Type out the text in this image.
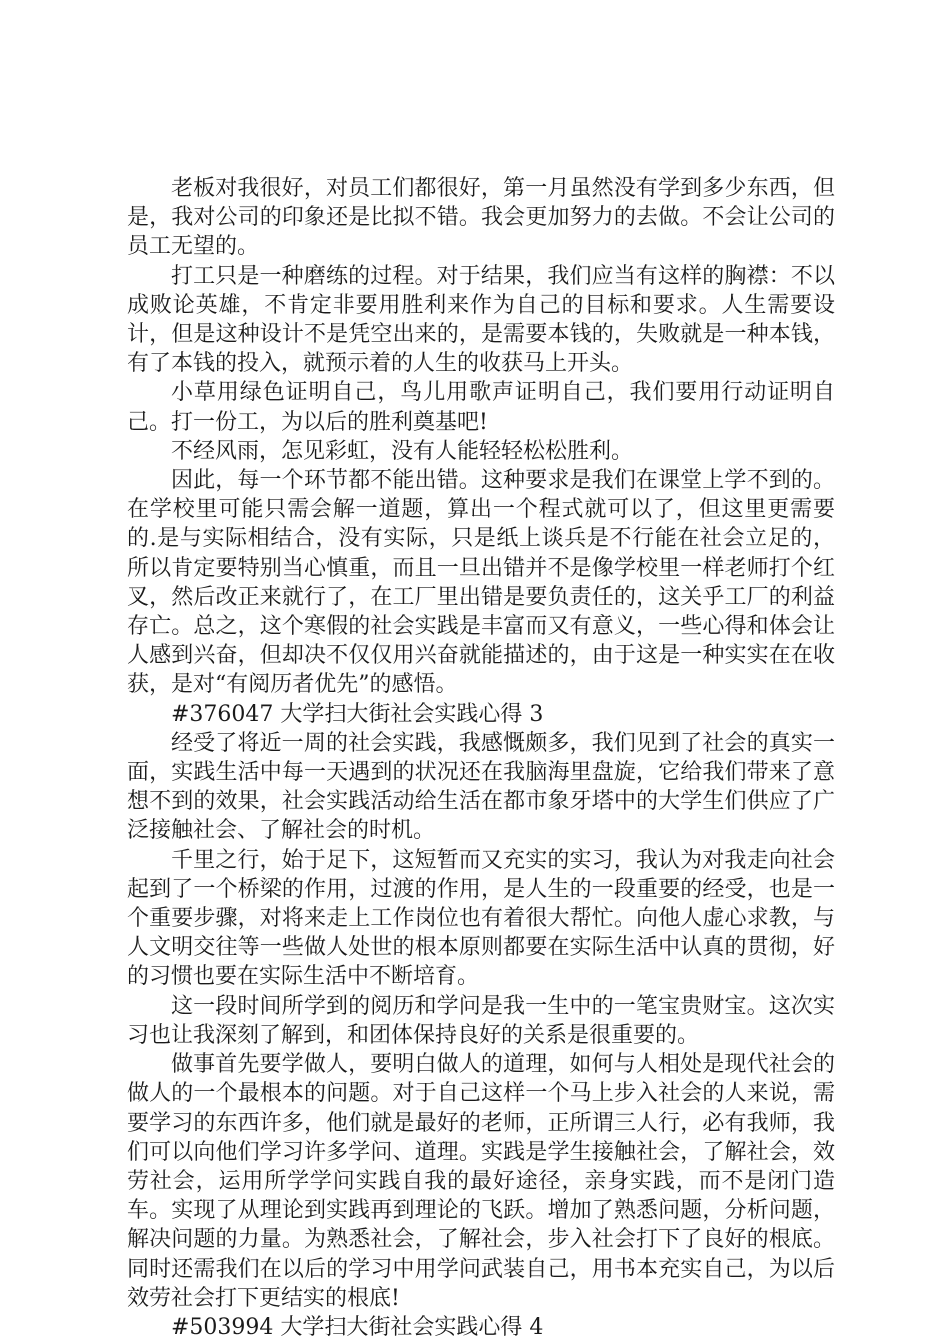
老板对我很好，对员工们都很好，第一月虽然没有学到多少东西，但是，我对公司的印象还是比拟不错。我会更加努力的去做。不会让公司的员工无望的。

打工只是一种磨练的过程。对于结果，我们应当有这样的胸襟：不以成败论英雄，不肯定非要用胜利来作为自己的目标和要求。人生需要设计，但是这种设计不是凭空出来的，是需要本钱的，失败就是一种本钱，有了本钱的投入，就预示着的人生的收获马上开头。

小草用绿色证明自己，鸟儿用歌声证明自己，我们要用行动证明自己。打一份工，为以后的胜利奠基吧!

不经风雨，怎见彩虹，没有人能轻轻松松胜利。

因此，每一个环节都不能出错。这种要求是我们在课堂上学不到的。在学校里可能只需会解一道题，算出一个程式就可以了，但这里更需要的.是与实际相结合，没有实际，只是纸上谈兵是不行能在社会立足的，所以肯定要特别当心慎重，而且一旦出错并不是像学校里一样老师打个红叉，然后改正来就行了，在工厂里出错是要负责任的，这关乎工厂的利益存亡。总之，这个寒假的社会实践是丰富而又有意义，一些心得和体会让人感到兴奋，但却决不仅仅用兴奋就能描述的，由于这是一种实实在在收获，是对“有阅历者优先”的感悟。

#376047 大学扫大街社会实践心得 3

经受了将近一周的社会实践，我感慨颇多，我们见到了社会的真实一面，实践生活中每一天遇到的状况还在我脑海里盘旋，它给我们带来了意想不到的效果，社会实践活动给生活在都市象牙塔中的大学生们供应了广泛接触社会、了解社会的时机。

千里之行，始于足下，这短暂而又充实的实习，我认为对我走向社会起到了一个桥梁的作用，过渡的作用，是人生的一段重要的经受，也是一个重要步骤，对将来走上工作岗位也有着很大帮忙。向他人虚心求教，与人文明交往等一些做人处世的根本原则都要在实际生活中认真的贯彻，好的习惯也要在实际生活中不断培育。

这一段时间所学到的阅历和学问是我一生中的一笔宝贵财宝。这次实习也让我深刻了解到，和团体保持良好的关系是很重要的。

做事首先要学做人，要明白做人的道理，如何与人相处是现代社会的做人的一个最根本的问题。对于自己这样一个马上步入社会的人来说，需要学习的东西许多，他们就是最好的老师，正所谓三人行，必有我师，我们可以向他们学习许多学问、道理。实践是学生接触社会，了解社会，效劳社会，运用所学学问实践自我的最好途径，亲身实践，而不是闭门造车。实现了从理论到实践再到理论的飞跃。增加了熟悉问题，分析问题，解决问题的力量。为熟悉社会，了解社会，步入社会打下了良好的根底。同时还需我们在以后的学习中用学问武装自己，用书本充实自己，为以后效劳社会打下更结实的根底!

#503994 大学扫大街社会实践心得 4
